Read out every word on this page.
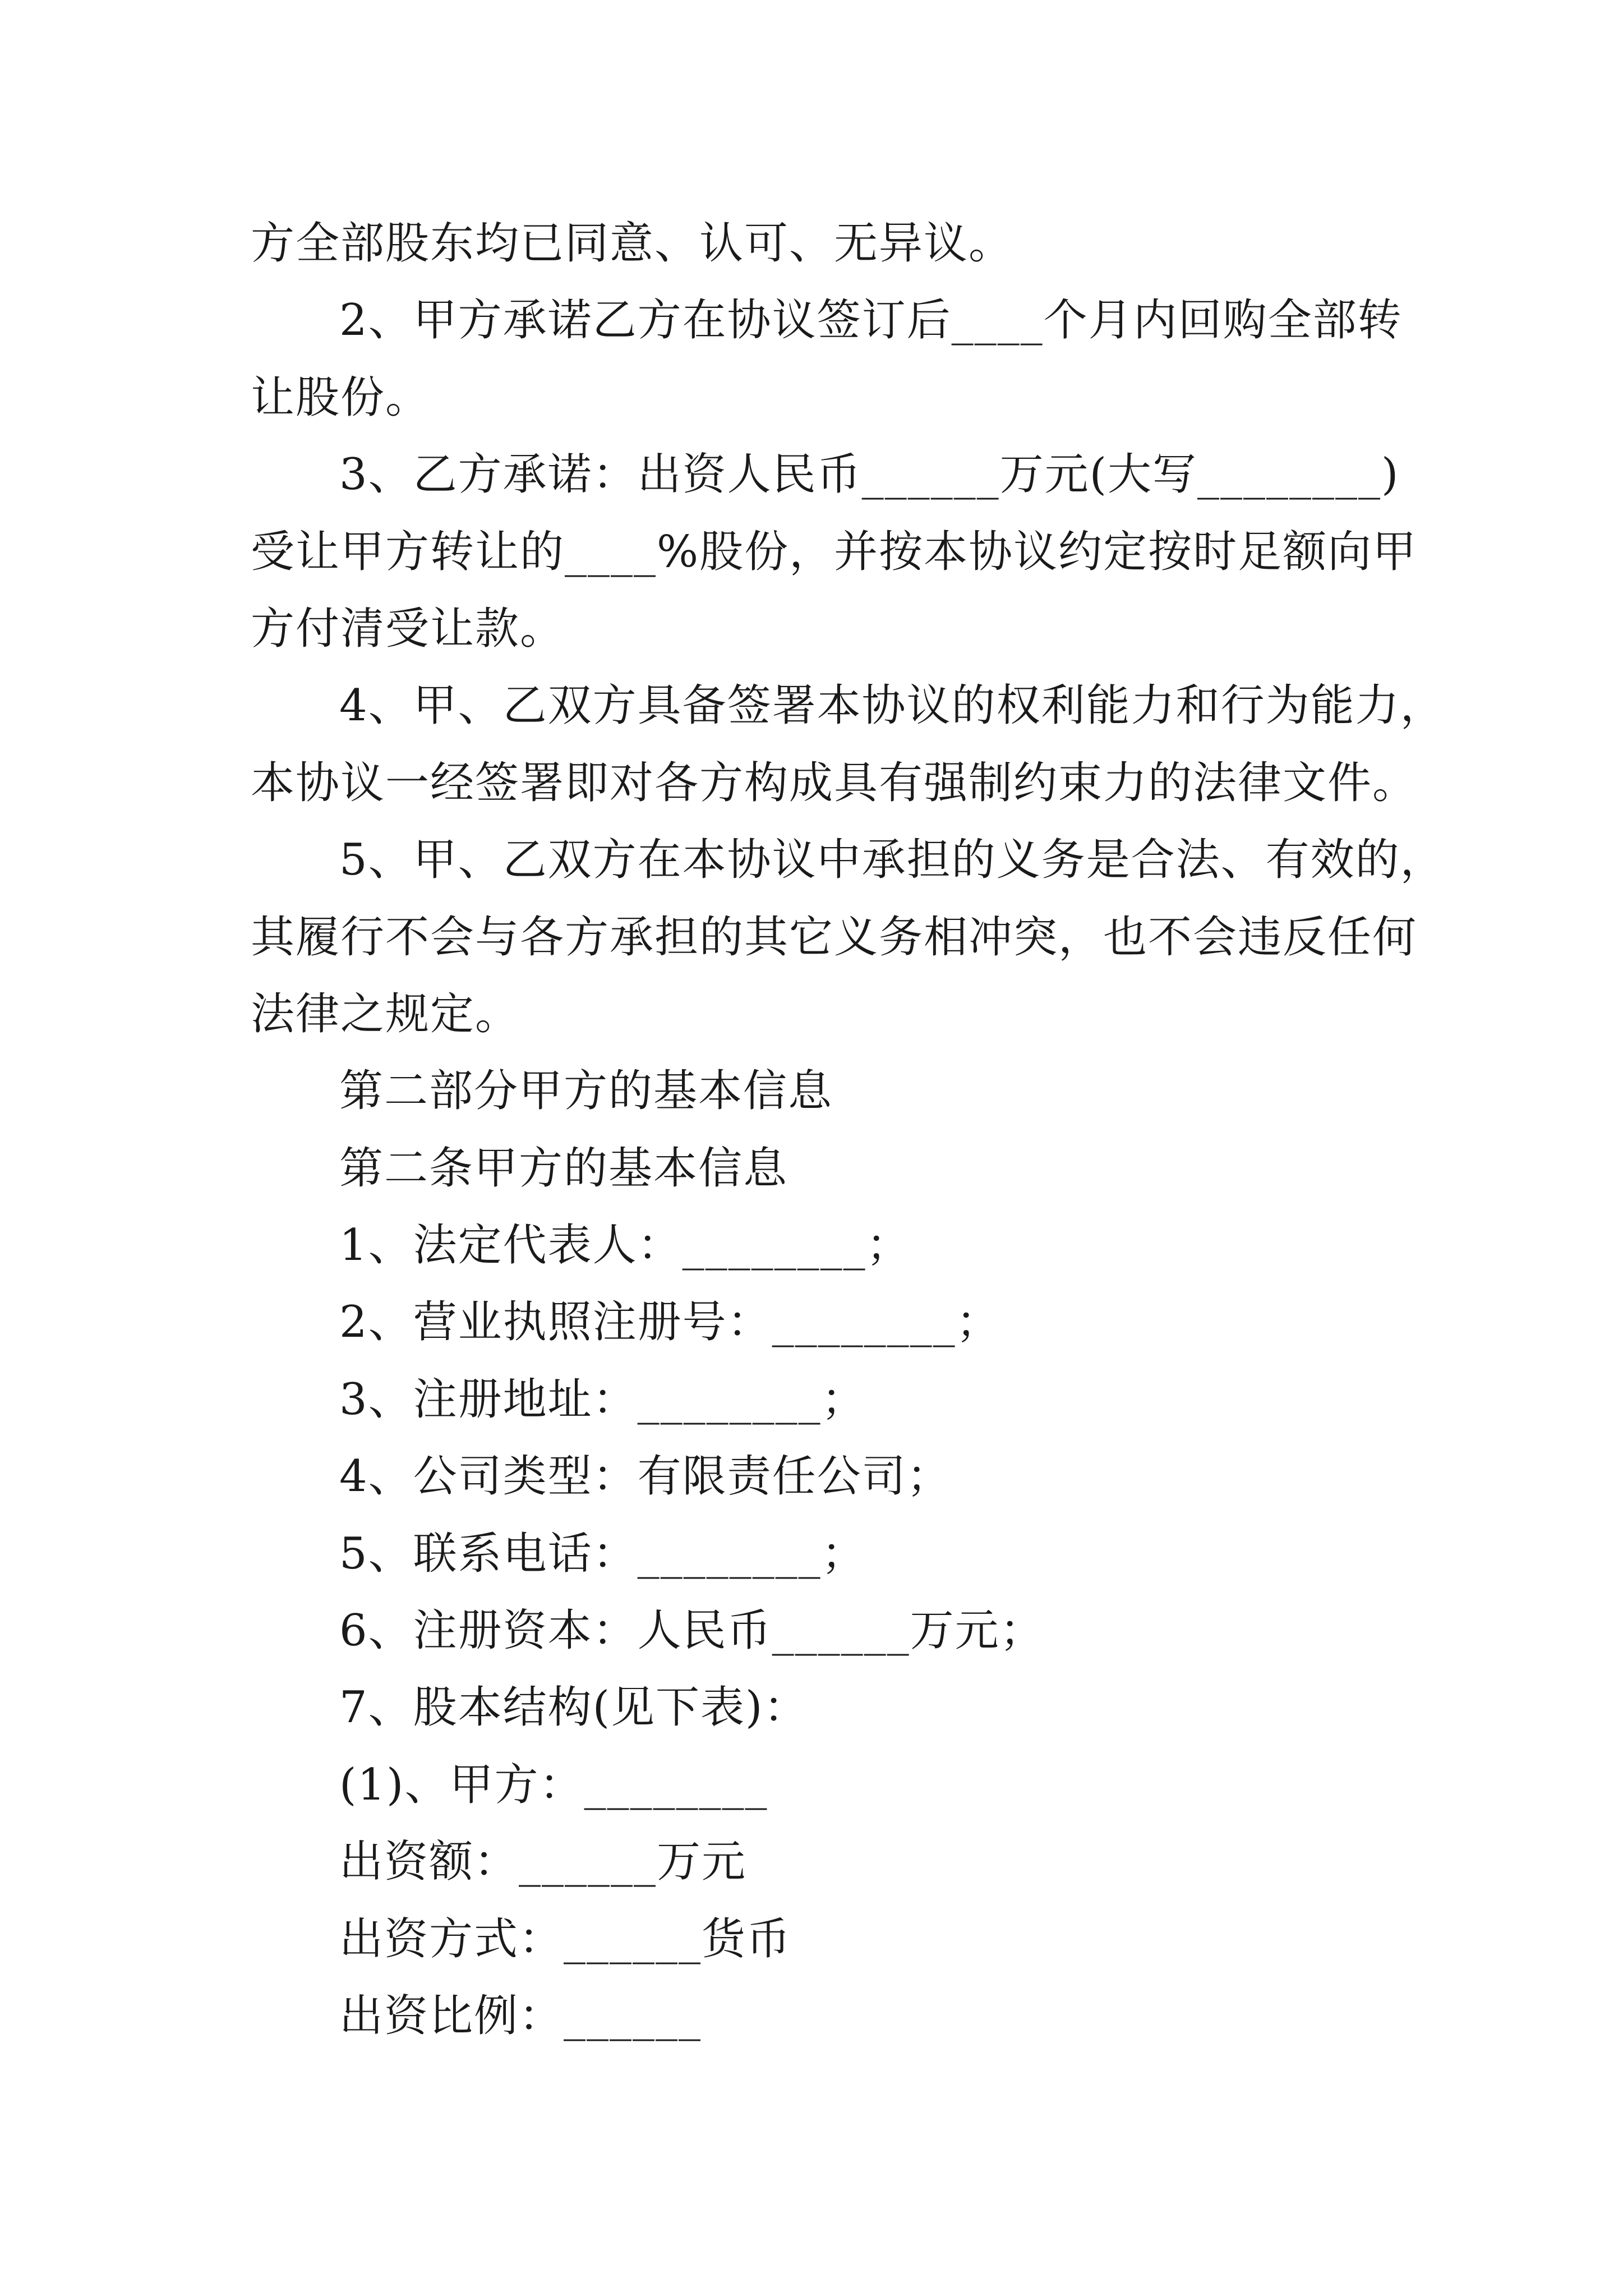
方全部股东均已同意、认可、无异议。

2、甲方承诺乙方在协议签订后____个月内回购全部转

让股份。

3、乙方承诺：出资人民币______万元(大写________)

受让甲方转让的____%股份，并按本协议约定按时足额向甲

方付清受让款。

4、甲、乙双方具备签署本协议的权利能力和行为能力，

本协议一经签署即对各方构成具有强制约束力的法律文件。

5、甲、乙双方在本协议中承担的义务是合法、有效的，

其履行不会与各方承担的其它义务相冲突，也不会违反任何

法律之规定。

第二部分甲方的基本信息

第二条甲方的基本信息

1、法定代表人：________；

2、营业执照注册号：________；

3、注册地址：________；

4、公司类型：有限责任公司；

5、联系电话：________；

6、注册资本：人民币______万元；

7、股本结构(见下表)：

(1)、甲方：________

出资额：______万元

出资方式：______货币

出资比例：______
